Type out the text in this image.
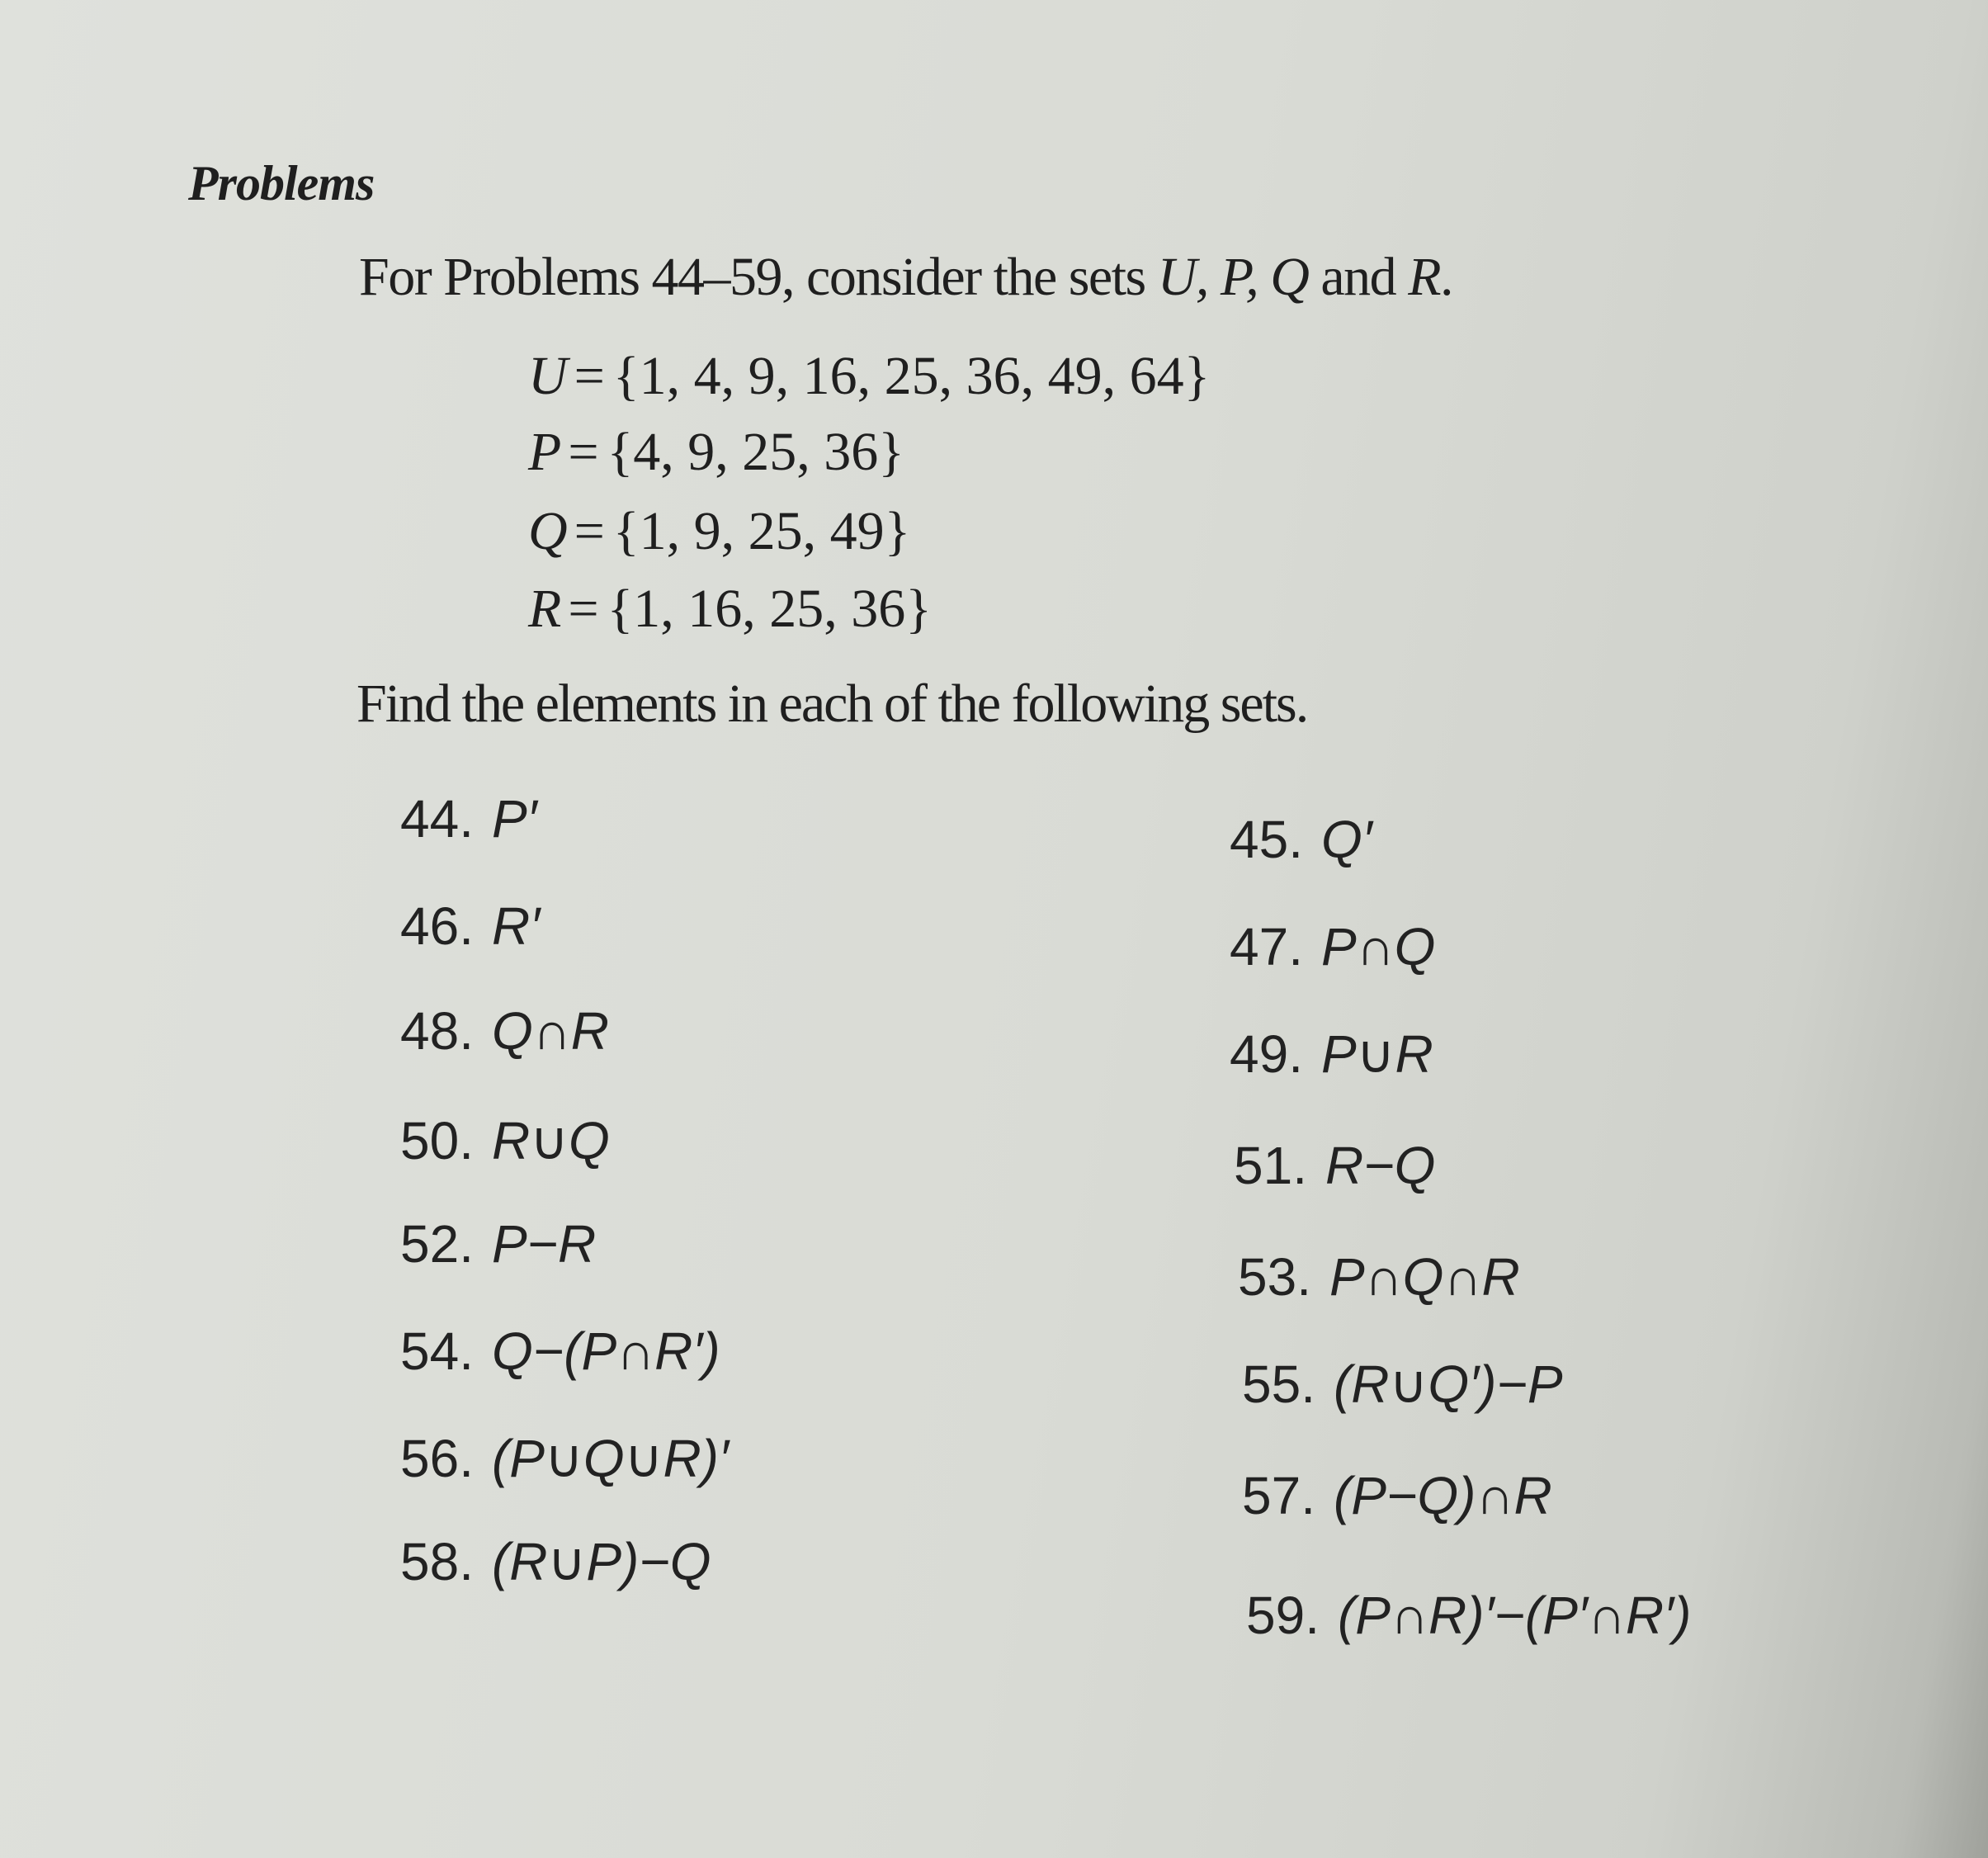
Problems
For Problems 44–59, consider the sets U, P, Q and R.
U = {1, 4, 9, 16, 25, 36, 49, 64}
P = {4, 9, 25, 36}
Q = {1, 9, 25, 49}
R = {1, 16, 25, 36}
Find the elements in each of the following sets.
44. P′
46. R′
48. Q∩R
50. R∪Q
52. P−R
54. Q−(P∩R′)
56. (P∪Q∪R)′
58. (R∪P)−Q
45. Q′
47. P∩Q
49. P∪R
51. R−Q
53. P∩Q∩R
55. (R∪Q′)−P
57. (P−Q)∩R
59. (P∩R)′−(P′∩R′)
